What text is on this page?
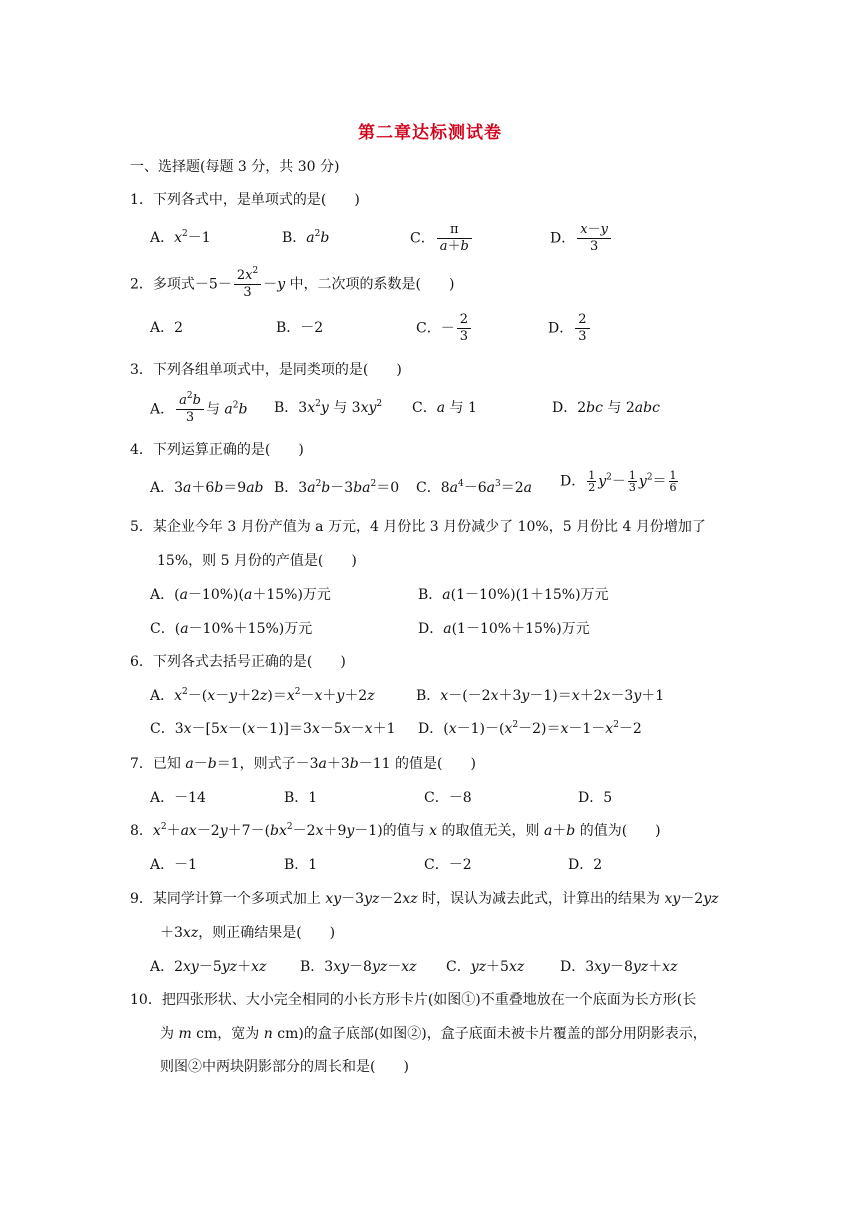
第二章达标测试卷
一、选择题(每题 3 分，共 30 分)
1．下列各式中，是单项式的是(　　)
A．$x^2-1$	B．$a^2b$	C． $\frac{\pi}{a+b}$	D． $\frac{x-y}{3}$
2．多项式$-5- \frac{2x^2}{3} -y$ 中，二次项的系数是(　　)
A．2	B．－2	C．－ $\frac{2}{3}$	D． $\frac{2}{3}$
3．下列各组单项式中，是同类项的是(　　)
A． $\frac{a^2b}{3}$ 与 $a^2b$ B．$3x^2y$ 与 $3xy^2$ C．a 与 1	D．2bc 与 2abc
4．下列运算正确的是(　　)
A．3a＋6b＝9ab B．$3a^2b-3ba^2=0$ C．$8a^4-6a^3=2a$ D． $\frac{1}{2} y^2- \frac{1}{3} y^2= \frac{1}{6}$
5．某企业今年 3 月份产值为 a 万元，4 月份比 3 月份减少了 10%，5 月份比 4 月份增加了
15%，则 5 月份的产值是(　　)
A．(a－10%)(a＋15%)万元	B．a(1－10%)(1＋15%)万元
C．(a－10%＋15%)万元	D．a(1－10%＋15%)万元
6．下列各式去括号正确的是(　　)
A．$x^2-(x-y+2z)=x^2-x+y+2z$	B．x－(－2x＋3y－1)＝x＋2x－3y＋1
C．3x－[5x－(x－1)]＝3x－5x－x＋1 D．$(x-1)-(x^2-2)=x-1-x^2-2$
7．已知 a－b＝1，则式子－3a＋3b－11 的值是(　　)
A．－14	B．1	C．－8	D．5
8．$x^2+ax-2y+7-(bx^2-2x+9y-1)$的值与 x 的取值无关，则 a＋b 的值为(　　)
A．－1	B．1	C．－2	D．2
9．某同学计算一个多项式加上 xy－3yz－2xz 时，误认为减去此式，计算出的结果为 xy－2yz
＋3xz，则正确结果是(　　)
A．2xy－5yz＋xz B．3xy－8yz－xz C．yz＋5xz	D．3xy－8yz＋xz
10．把四张形状、大小完全相同的小长方形卡片(如图①)不重叠地放在一个底面为长方形(长
为 m cm，宽为 n cm)的盒子底部(如图②)，盒子底面未被卡片覆盖的部分用阴影表示，
则图②中两块阴影部分的周长和是(　　)
